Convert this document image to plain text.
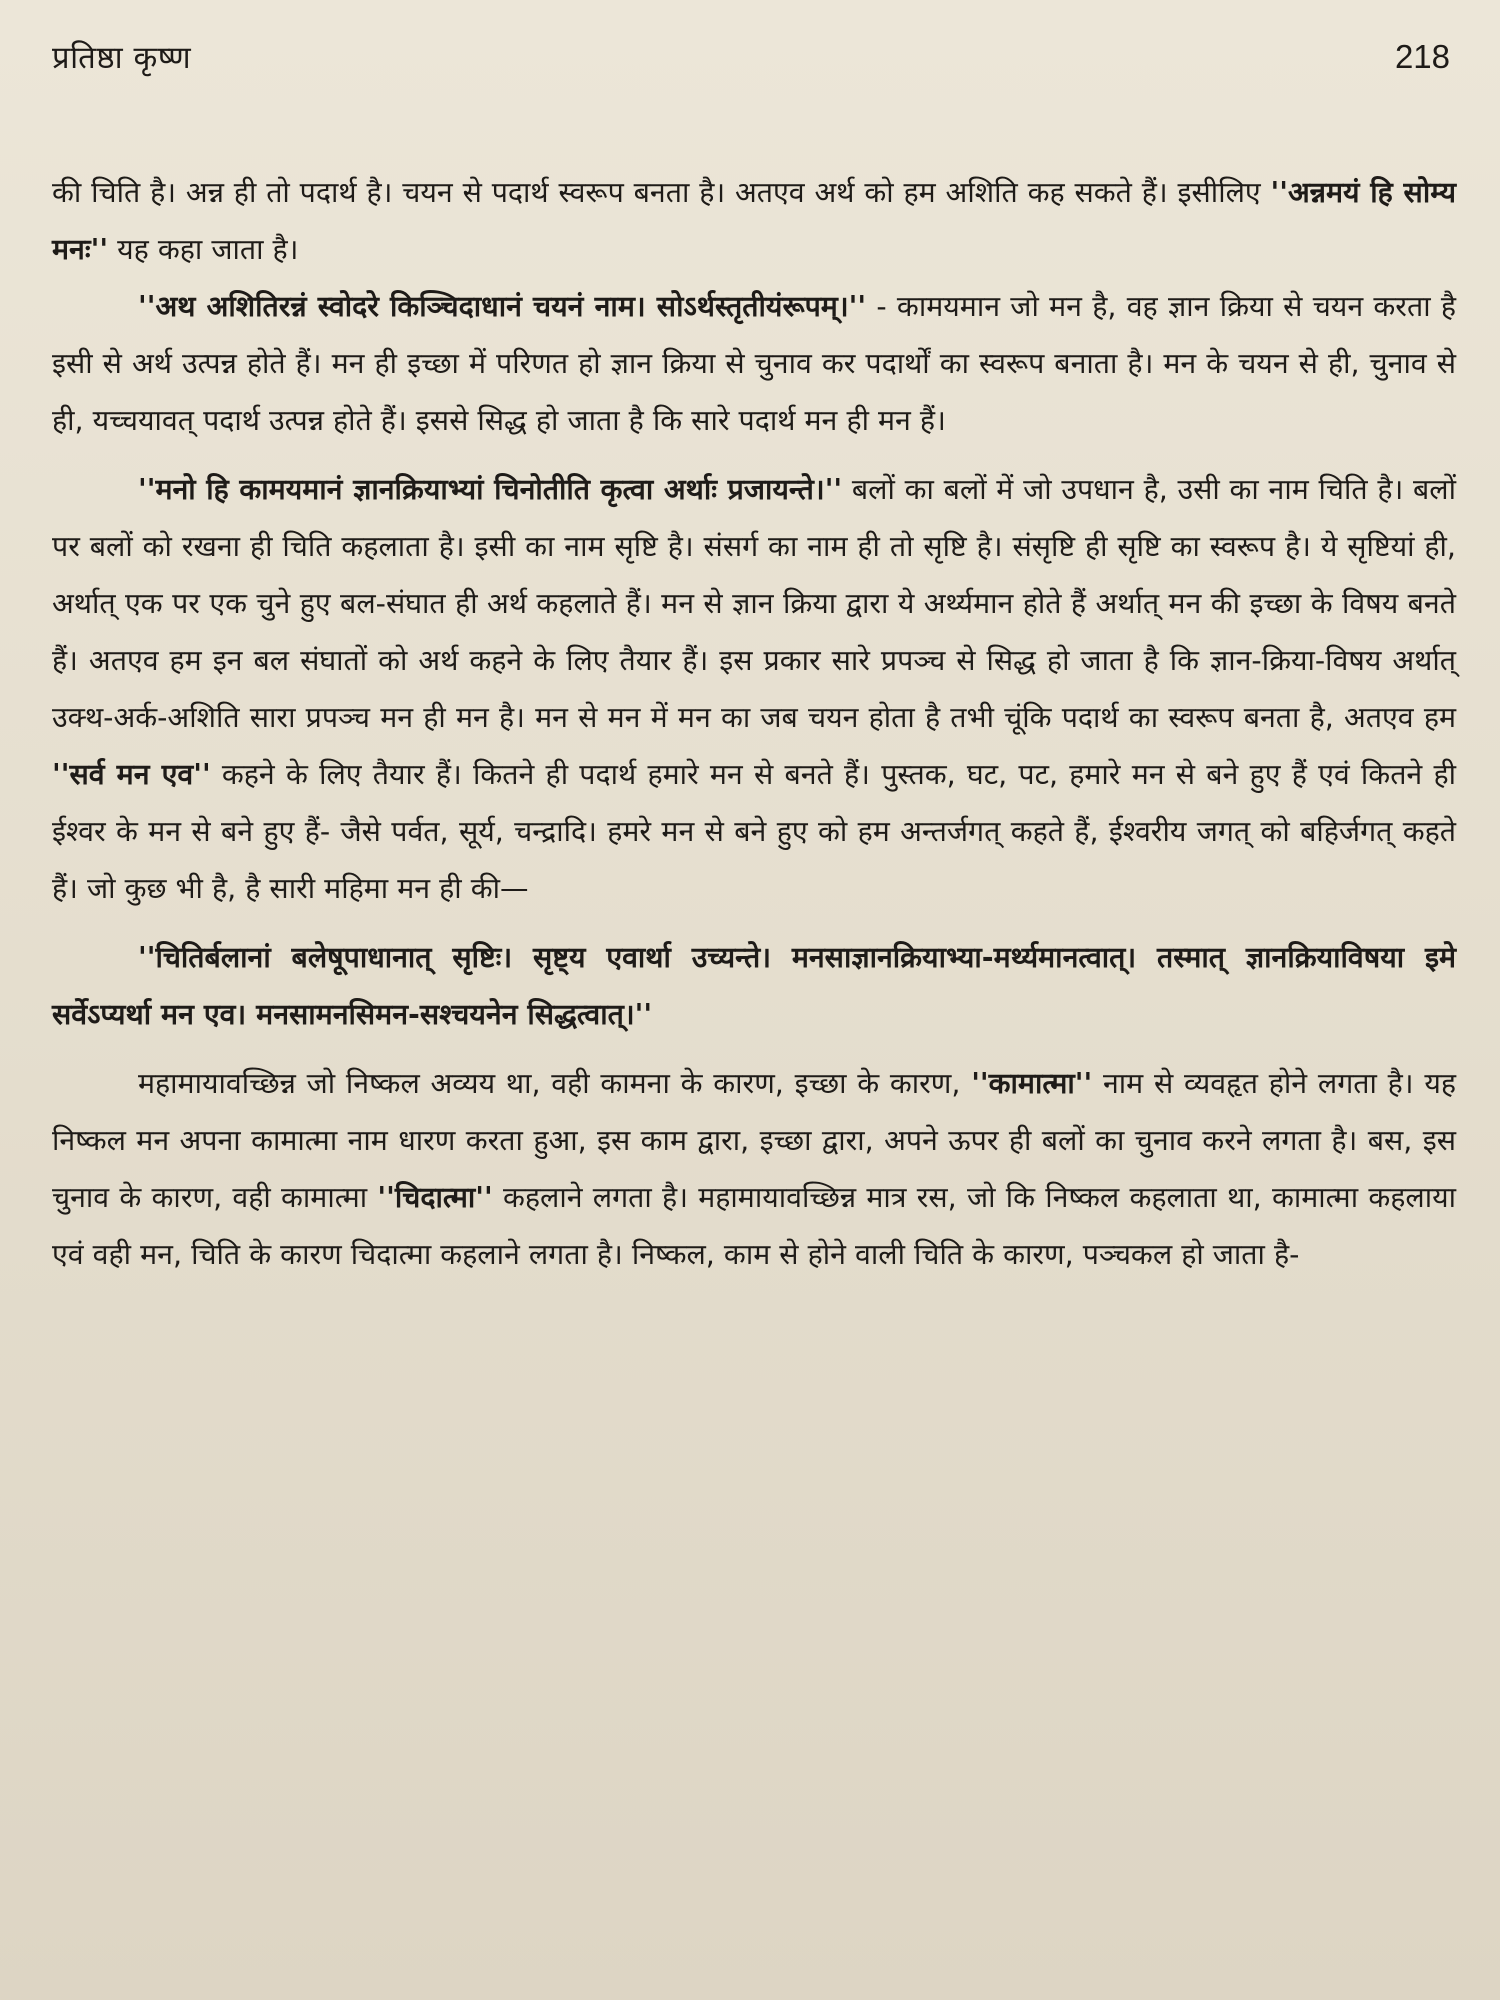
प्रतिष्ठा कृष्ण	218

की चिति है। अन्न ही तो पदार्थ है। चयन से पदार्थ स्वरूप बनता है। अतएव अर्थ को हम अशिति कह सकते हैं। इसीलिए ''अन्नमयं हि सोम्य मनः'' यह कहा जाता है।

''अथ अशितिरन्नं स्वोदरे किञ्चिदाधानं चयनं नाम। सोऽर्थस्तृतीयंरूपम्।'' - कामयमान जो मन है, वह ज्ञान क्रिया से चयन करता है इसी से अर्थ उत्पन्न होते हैं। मन ही इच्छा में परिणत हो ज्ञान क्रिया से चुनाव कर पदार्थों का स्वरूप बनाता है। मन के चयन से ही, चुनाव से ही, यच्चयावत् पदार्थ उत्पन्न होते हैं। इससे सिद्ध हो जाता है कि सारे पदार्थ मन ही मन हैं।

''मनो हि कामयमानं ज्ञानक्रियाभ्यां चिनोतीति कृत्वा अर्थाः प्रजायन्ते।'' बलों का बलों में जो उपधान है, उसी का नाम चिति है। बलों पर बलों को रखना ही चिति कहलाता है। इसी का नाम सृष्टि है। संसर्ग का नाम ही तो सृष्टि है। संसृष्टि ही सृष्टि का स्वरूप है। ये सृष्टियां ही, अर्थात् एक पर एक चुने हुए बल-संघात ही अर्थ कहलाते हैं। मन से ज्ञान क्रिया द्वारा ये अर्थ्यमान होते हैं अर्थात् मन की इच्छा के विषय बनते हैं। अतएव हम इन बल संघातों को अर्थ कहने के लिए तैयार हैं। इस प्रकार सारे प्रपञ्च से सिद्ध हो जाता है कि ज्ञान-क्रिया-विषय अर्थात् उक्थ-अर्क-अशिति सारा प्रपञ्च मन ही मन है। मन से मन में मन का जब चयन होता है तभी चूंकि पदार्थ का स्वरूप बनता है, अतएव हम ''सर्व मन एव'' कहने के लिए तैयार हैं। कितने ही पदार्थ हमारे मन से बनते हैं। पुस्तक, घट, पट, हमारे मन से बने हुए हैं एवं कितने ही ईश्वर के मन से बने हुए हैं- जैसे पर्वत, सूर्य, चन्द्रादि। हमरे मन से बने हुए को हम अन्तर्जगत् कहते हैं, ईश्वरीय जगत् को बहिर्जगत् कहते हैं। जो कुछ भी है, है सारी महिमा मन ही की—

''चितिर्बलानां बलेषूपाधानात् सृष्टिः। सृष्ट्य एवार्था उच्यन्ते। मनसाज्ञानक्रियाभ्या-मर्थ्यमानत्वात्। तस्मात् ज्ञानक्रियाविषया इमे सर्वेऽप्यर्था मन एव। मनसामनसिमन-सश्चयनेन सिद्धत्वात्।''

महामायावच्छिन्न जो निष्कल अव्यय था, वही कामना के कारण, इच्छा के कारण, ''कामात्मा'' नाम से व्यवहृत होने लगता है। यह निष्कल मन अपना कामात्मा नाम धारण करता हुआ, इस काम द्वारा, इच्छा द्वारा, अपने ऊपर ही बलों का चुनाव करने लगता है। बस, इस चुनाव के कारण, वही कामात्मा ''चिदात्मा'' कहलाने लगता है। महामायावच्छिन्न मात्र रस, जो कि निष्कल कहलाता था, कामात्मा कहलाया एवं वही मन, चिति के कारण चिदात्मा कहलाने लगता है। निष्कल, काम से होने वाली चिति के कारण, पञ्चकल हो जाता है-
